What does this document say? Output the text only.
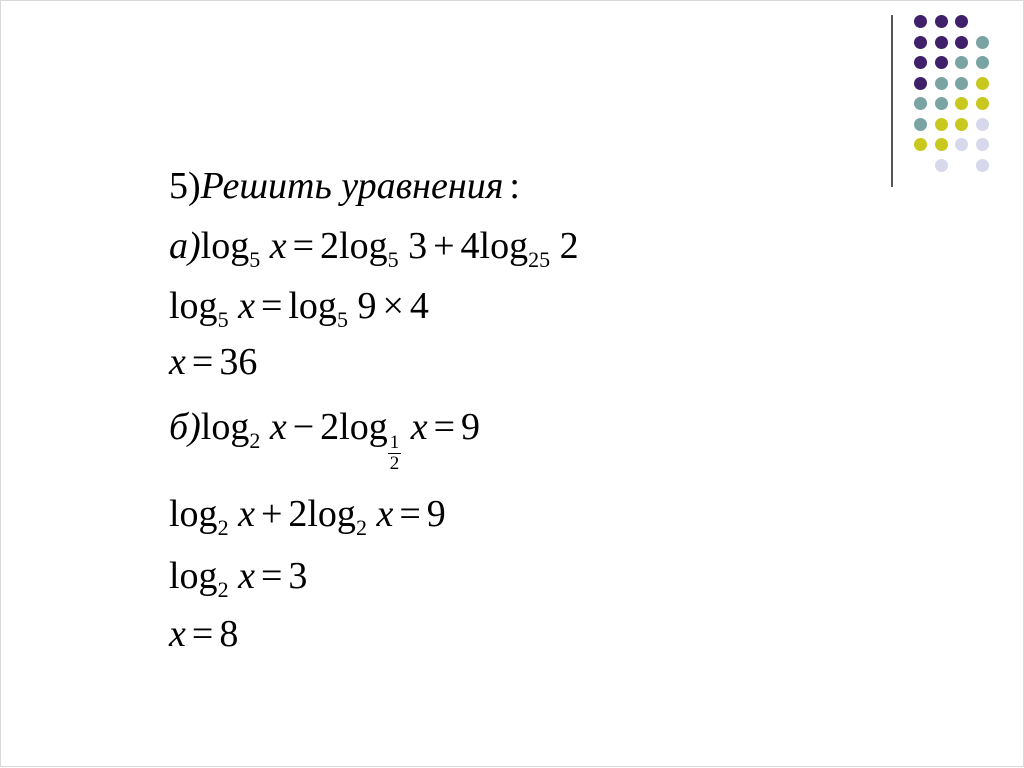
5)Решить уравнения :
$а)\log_5$ $x = 2\log_5$ $3 + 4\log_{25}$ 2
$\log_5 x = \log_5 9 \times 4$
x = 36
$б)\log_2$ x − 2log
$\frac{1}{2}$
x = 9
$\log_2 x + 2\log_2$ x = 9
$\log_2 x = 3$
x = 8
